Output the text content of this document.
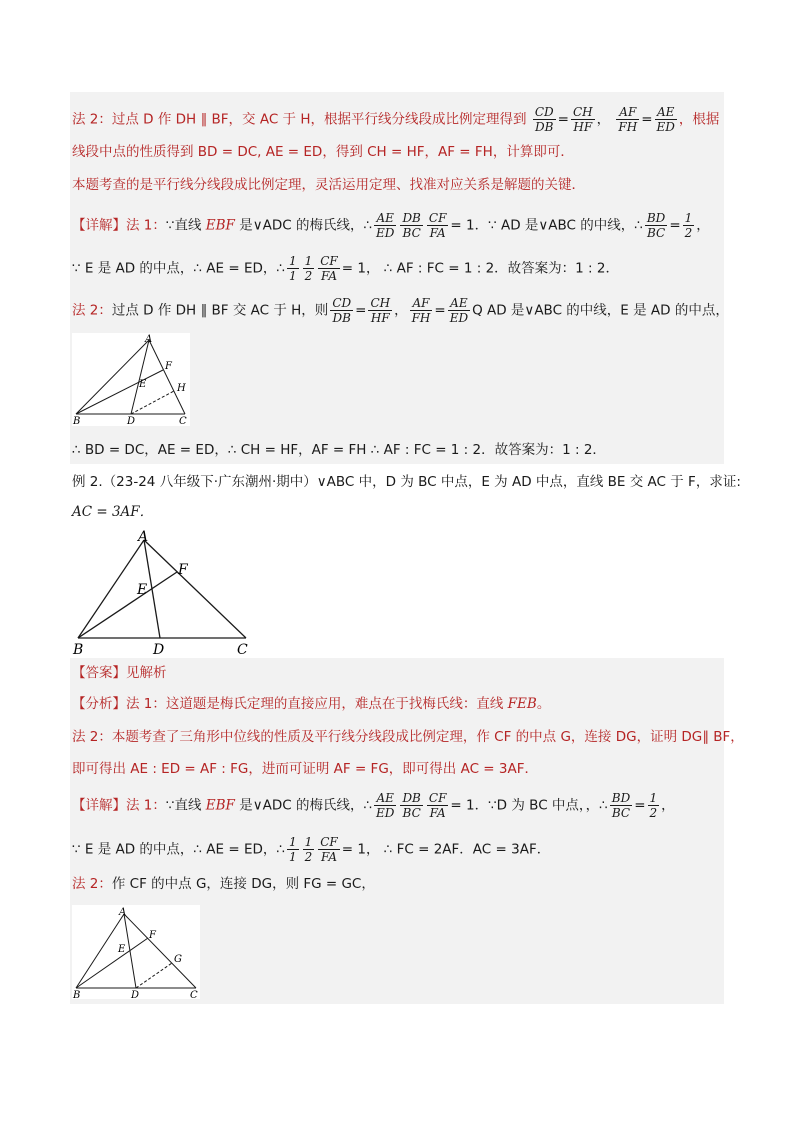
法 2：过点 D 作 DH ∥ BF，交 AC 于 H，根据平行线分线段成比例定理得到 $\frac{CD}{DB} = \frac{CH}{HF}$ ， $\frac{AF}{FH} = \frac{AE}{ED}$ ，根据
线段中点的性质得到 BD = DC, AE = ED，得到 CH = HF，AF = FH，计算即可．
本题考查的是平行线分线段成比例定理，灵活运用定理、找准对应关系是解题的关键．
【详解】法 1：∵直线 EBF 是∨ADC 的梅氏线，∴ $\frac{AE}{ED} \frac{DB}{BC} \frac{CF}{FA} = 1$．∵ AD 是∨ABC 的中线，∴ $\frac{BD}{BC} = \frac{1}{2}$ ，
∵ E 是 AD 的中点，∴ AE = ED，∴ $\frac{1}{1} \frac{1}{2} \frac{CF}{FA} = 1$， ∴ AF : FC = 1 : 2．故答案为：1 : 2．
法 2：过点 D 作 DH ∥ BF 交 AC 于 H，则 $\frac{CD}{DB} = \frac{CH}{HF}$ ， $\frac{AF}{FH} = \frac{AE}{ED}$ Q AD 是∨ABC 的中线，E 是 AD 的中点，
A
B	C
D
E
F
H
∴ BD = DC，AE = ED，∴ CH = HF，AF = FH ∴ AF : FC = 1 : 2．故答案为：1 : 2．
例 2.（23-24 八年级下·广东潮州·期中）∨ABC 中，D 为 BC 中点，E 为 AD 中点，直线 BE 交 AC 于 F，求证:
AC = 3AF．
A
B	C
D
E
F
【答案】见解析
【分析】法 1：这道题是梅氏定理的直接应用，难点在于找梅氏线：直线 FEB。
法 2：本题考查了三角形中位线的性质及平行线分线段成比例定理，作 CF 的中点 G，连接 DG，证明 DG∥ BF，
即可得出 AE : ED = AF : FG，进而可证明 AF = FG，即可得出 AC = 3AF．
【详解】法 1：∵直线 EBF 是∨ADC 的梅氏线，∴ $\frac{AE}{ED} \frac{DB}{BC} \frac{CF}{FA} = 1$．∵D 为 BC 中点，，∴ $\frac{BD}{BC} = \frac{1}{2}$ ，
∵ E 是 AD 的中点，∴ AE = ED，∴ $\frac{1}{1} \frac{1}{2} \frac{CF}{FA} = 1$， ∴ FC = 2AF．AC = 3AF．
法 2：作 CF 的中点 G，连接 DG，则 FG = GC，
A
B	C
D
E
F
G
